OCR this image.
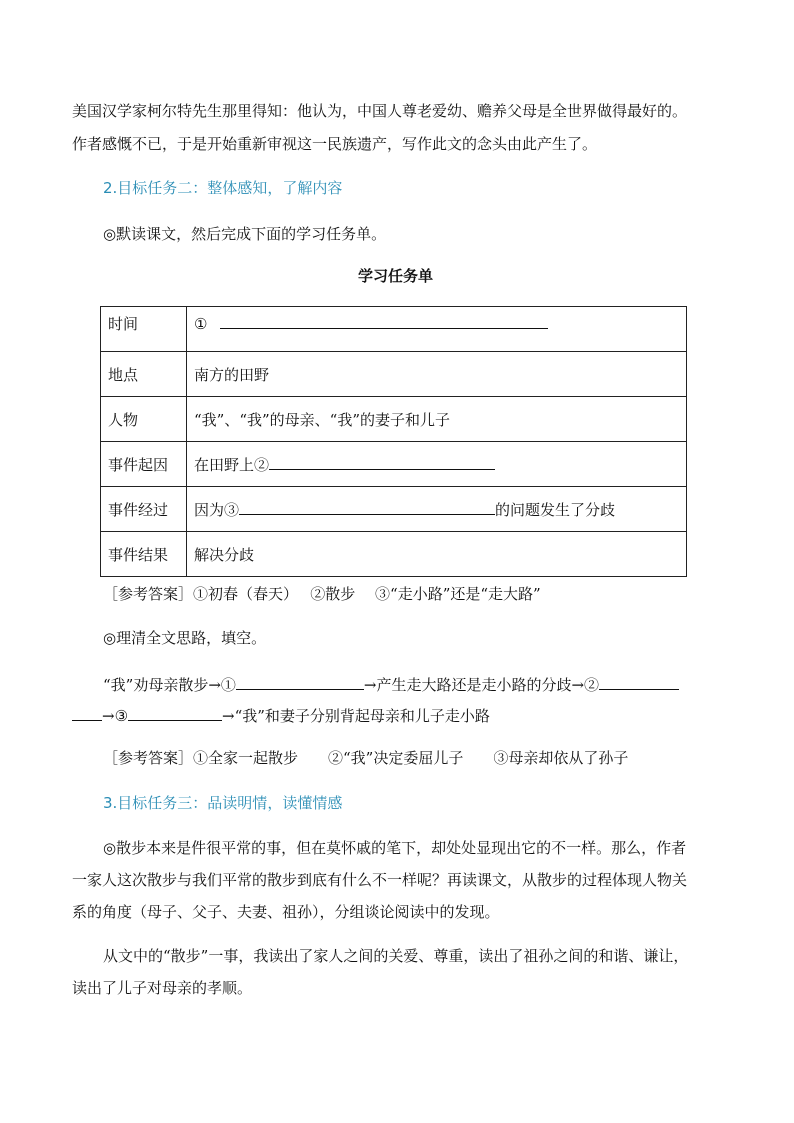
美国汉学家柯尔特先生那里得知：他认为，中国人尊老爱幼、赡养父母是全世界做得最好的。
作者感慨不已，于是开始重新审视这一民族遗产，写作此文的念头由此产生了。
2.目标任务二：整体感知，了解内容
◎默读课文，然后完成下面的学习任务单。
学习任务单
时间	①
地点	南方的田野
人物	“我”、“我”的母亲、“我”的妻子和儿子
事件起因	在田野上②
事件经过	因为③ 的问题发生了分歧
事件结果	解决分歧
［参考答案］①初春（春天）　 ②散步　 ③“走小路”还是“走大路”
◎理清全文思路，填空。
“我”劝母亲散步→①	→产生走大路还是走小路的分歧→②
→③	→“我”和妻子分别背起母亲和儿子走小路
［参考答案］①全家一起散步　　②“我”决定委屈儿子　　③母亲却依从了孙子
3.目标任务三：品读明情，读懂情感
◎散步本来是件很平常的事，但在莫怀戚的笔下，却处处显现出它的不一样。那么，作者
一家人这次散步与我们平常的散步到底有什么不一样呢？再读课文，从散步的过程体现人物关
系的角度（母子、父子、夫妻、祖孙），分组谈论阅读中的发现。
从文中的“散步”一事，我读出了家人之间的关爱、尊重，读出了祖孙之间的和谐、谦让，
读出了儿子对母亲的孝顺。
